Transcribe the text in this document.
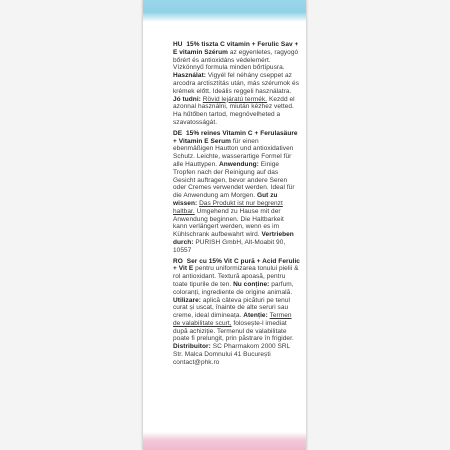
HU 15% tiszta C vitamin + Ferulic Sav + E vitamin Szérum az egyenletes, ragyogó bőrért és antioxidáns védelemért. Vízkönnyű formula minden bőrtípusra. Használat: Vigyél fel néhány cseppet az arcodra arctisztítás után, más szérumok és krémek előtt. Ideális reggeli használatra. Jó tudni: Rövid lejáratú termék. Kezdd el azonnal használni, miután kézhez vetted. Ha hűtőben tartod, megnövelheted a szavatosságát.
DE 15% reines Vitamin C + Ferulasäure + Vitamin E Serum für einen ebenmäßigen Hautton und antioxidativen Schutz. Leichte, wasserartige Formel für alle Hauttypen. Anwendung: Einige Tropfen nach der Reinigung auf das Gesicht auftragen, bevor andere Seren oder Cremes verwendet werden. Ideal für die Anwendung am Morgen. Gut zu wissen: Das Produkt ist nur begrenzt haltbar. Umgehend zu Hause mit der Anwendung beginnen. Die Haltbarkeit kann verlängert werden, wenn es im Kühlschrank aufbewahrt wird. Vertrieben durch: PURISH GmbH, Alt-Moabit 90, 10557
RO Ser cu 15% Vit C pură + Acid Ferulic + Vit E pentru uniformizarea tonului pielii & rol antioxidant. Textură apoasă, pentru toate tipurile de ten. Nu conține: parfum, coloranți, ingrediente de origine animală. Utilizare: aplică câteva picături pe tenul curat și uscat, înainte de alte seruri sau creme, ideal dimineața. Atenție: Termen de valabilitate scurt, folosește-l imediat după achiziție. Termenul de valabilitate poate fi prelungit, prin păstrare în frigider. Distribuitor: SC Pharmakom 2000 SRL Str. Malca Domnului 41 București contact@phk.ro
